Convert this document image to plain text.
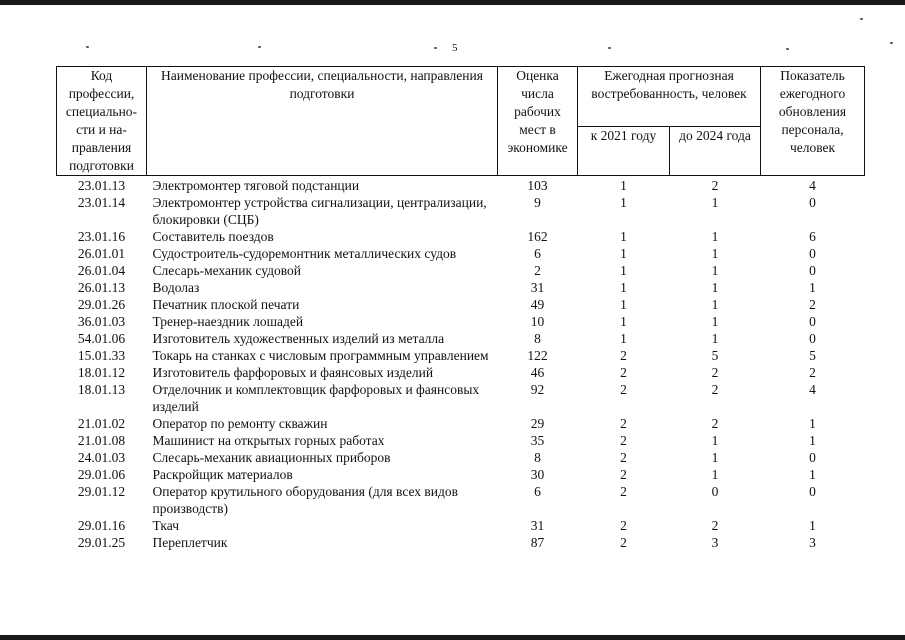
5
Код профессии, специально-сти и на-правления подготовки	Наименование профессии, специальности, направления подготовки	Оценка числа рабочих мест в экономике	Ежегодная прогнозная востребованность, человек		Показатель ежегодного обновления персонала, человек
			к 2021 году	до 2024 года	
23.01.13	Электромонтер тяговой подстанции	103	1	2	4
23.01.14	Электромонтер устройства сигнализации, централизации, блокировки (СЦБ)	9	1	1	0
23.01.16	Составитель поездов	162	1	1	6
26.01.01	Судостроитель-судоремонтник металлических судов	6	1	1	0
26.01.04	Слесарь-механик судовой	2	1	1	0
26.01.13	Водолаз	31	1	1	1
29.01.26	Печатник плоской печати	49	1	1	2
36.01.03	Тренер-наездник лошадей	10	1	1	0
54.01.06	Изготовитель художественных изделий из металла	8	1	1	0
15.01.33	Токарь на станках с числовым программным управлением	122	2	5	5
18.01.12	Изготовитель фарфоровых и фаянсовых изделий	46	2	2	2
18.01.13	Отделочник и комплектовщик фарфоровых и фаянсовых изделий	92	2	2	4
21.01.02	Оператор по ремонту скважин	29	2	2	1
21.01.08	Машинист на открытых горных работах	35	2	1	1
24.01.03	Слесарь-механик авиационных приборов	8	2	1	0
29.01.06	Раскройщик материалов	30	2	1	1
29.01.12	Оператор крутильного оборудования (для всех видов производств)	6	2	0	0
29.01.16	Ткач	31	2	2	1
29.01.25	Переплетчик	87	2	3	3
